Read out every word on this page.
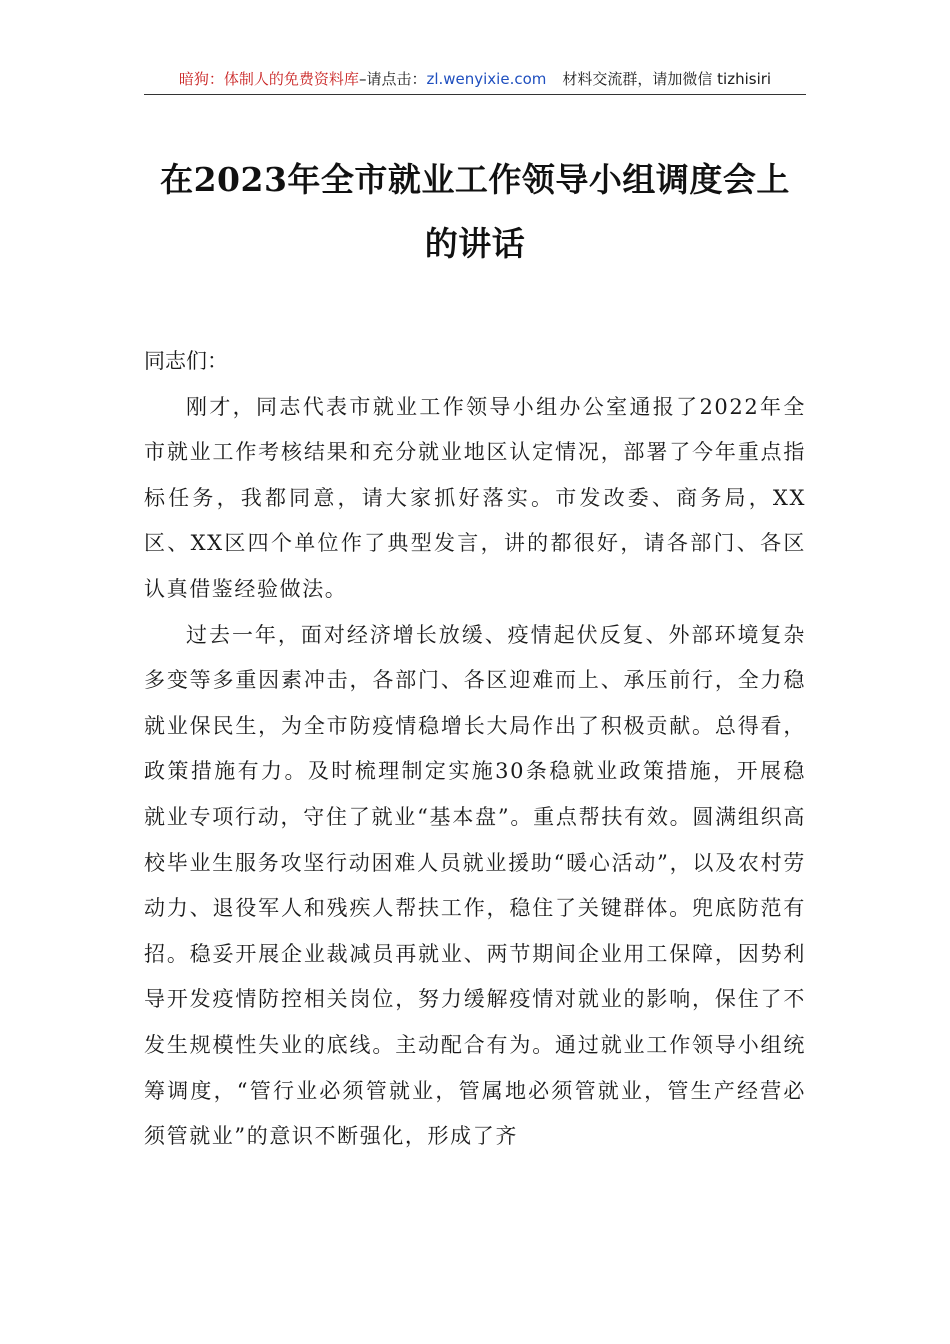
暗狗：体制人的免费资料库 –请点击： zl.wenyixie.com 材料交流群，请加微信 tizhisiri
在2023年全市就业工作领导小组调度会上的讲话

同志们：

刚才，同志代表市就业工作领导小组办公室通报了2022年全市就业工作考核结果和充分就业地区认定情况，部署了今年重点指标任务，我都同意，请大家抓好落实。市发改委、商务局，XX区、XX区四个单位作了典型发言，讲的都很好，请各部门、各区认真借鉴经验做法。

过去一年，面对经济增长放缓、疫情起伏反复、外部环境复杂多变等多重因素冲击，各部门、各区迎难而上、承压前行，全力稳就业保民生，为全市防疫情稳增长大局作出了积极贡献。总得看，政策措施有力。及时梳理制定实施30条稳就业政策措施，开展稳就业专项行动，守住了就业“基本盘”。重点帮扶有效。圆满组织高校毕业生服务攻坚行动困难人员就业援助“暖心活动”，以及农村劳动力、退役军人和残疾人帮扶工作，稳住了关键群体。兜底防范有招。稳妥开展企业裁减员再就业、两节期间企业用工保障，因势利导开发疫情防控相关岗位，努力缓解疫情对就业的影响，保住了不发生规模性失业的底线。主动配合有为。通过就业工作领导小组统筹调度，“管行业必须管就业，管属地必须管就业，管生产经营必须管就业”的意识不断强化，形成了齐
